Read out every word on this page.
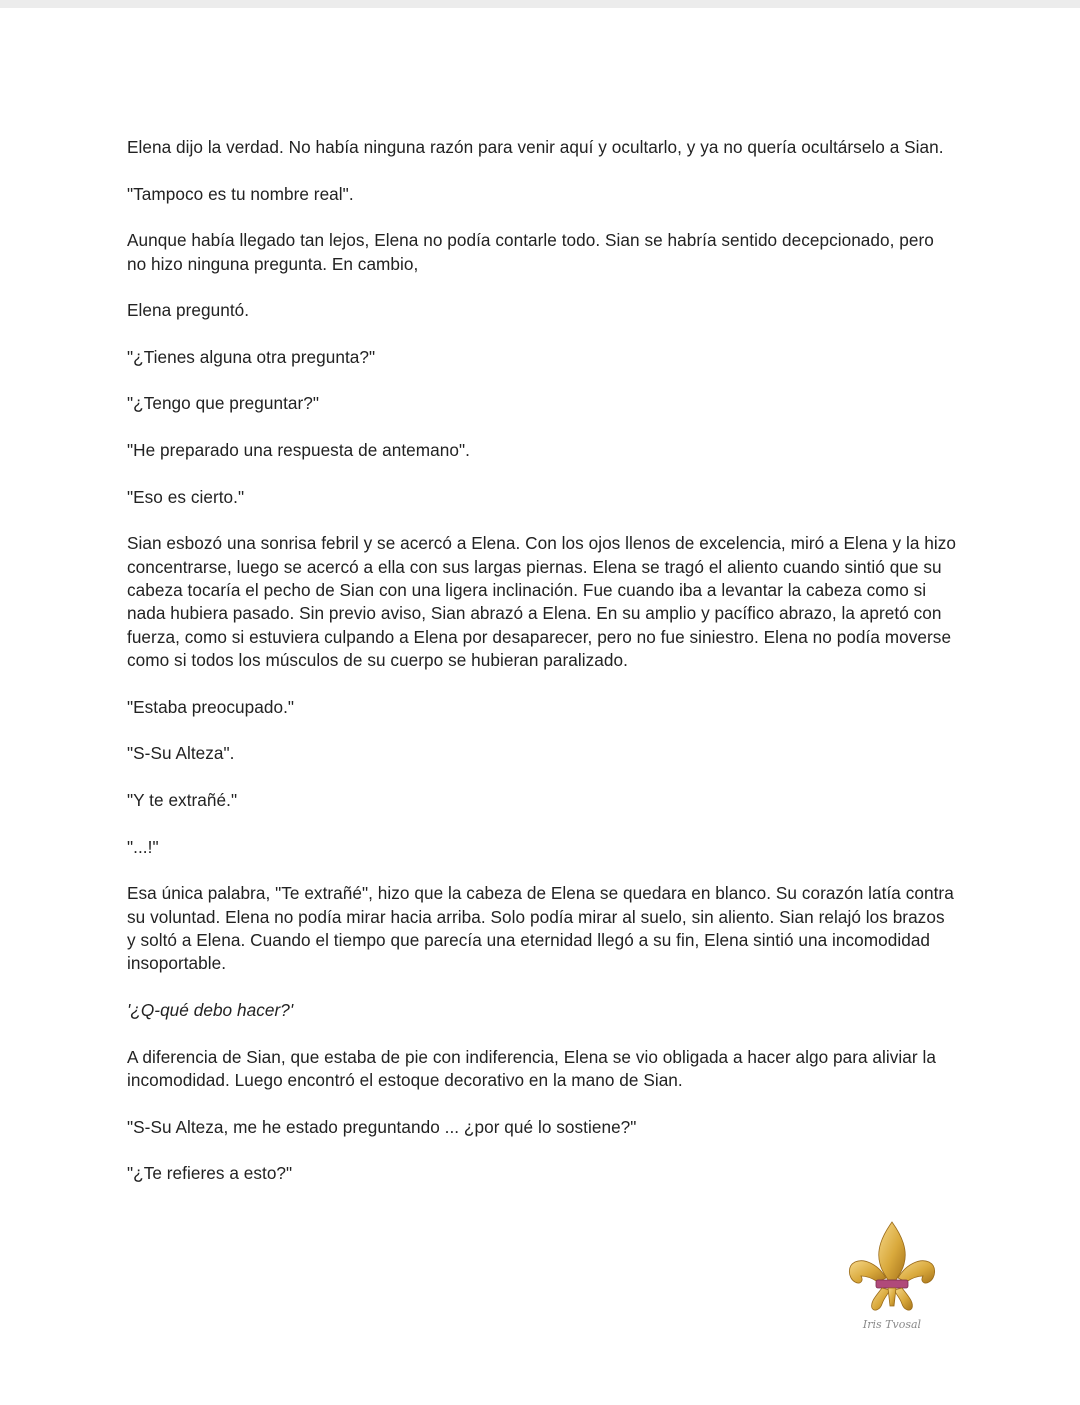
Elena dijo la verdad. No había ninguna razón para venir aquí y ocultarlo, y ya no quería ocultárselo a Sian.

"Tampoco es tu nombre real".

Aunque había llegado tan lejos, Elena no podía contarle todo. Sian se habría sentido decepcionado, pero no hizo ninguna pregunta. En cambio,

Elena preguntó.

"¿Tienes alguna otra pregunta?"

"¿Tengo que preguntar?"

"He preparado una respuesta de antemano".

"Eso es cierto."

Sian esbozó una sonrisa febril y se acercó a Elena. Con los ojos llenos de excelencia, miró a Elena y la hizo concentrarse, luego se acercó a ella con sus largas piernas. Elena se tragó el aliento cuando sintió que su cabeza tocaría el pecho de Sian con una ligera inclinación. Fue cuando iba a levantar la cabeza como si nada hubiera pasado. Sin previo aviso, Sian abrazó a Elena. En su amplio y pacífico abrazo, la apretó con fuerza, como si estuviera culpando a Elena por desaparecer, pero no fue siniestro. Elena no podía moverse como si todos los músculos de su cuerpo se hubieran paralizado.

"Estaba preocupado."

"S-Su Alteza".

"Y te extrañé."

"...!"

Esa única palabra, "Te extrañé", hizo que la cabeza de Elena se quedara en blanco. Su corazón latía contra su voluntad. Elena no podía mirar hacia arriba. Solo podía mirar al suelo, sin aliento. Sian relajó los brazos y soltó a Elena. Cuando el tiempo que parecía una eternidad llegó a su fin, Elena sintió una incomodidad insoportable.

'¿Q-qué debo hacer?'

A diferencia de Sian, que estaba de pie con indiferencia, Elena se vio obligada a hacer algo para aliviar la incomodidad. Luego encontró el estoque decorativo en la mano de Sian.

"S-Su Alteza, me he estado preguntando ... ¿por qué lo sostiene?"

"¿Te refieres a esto?"

Iris Tvosal
